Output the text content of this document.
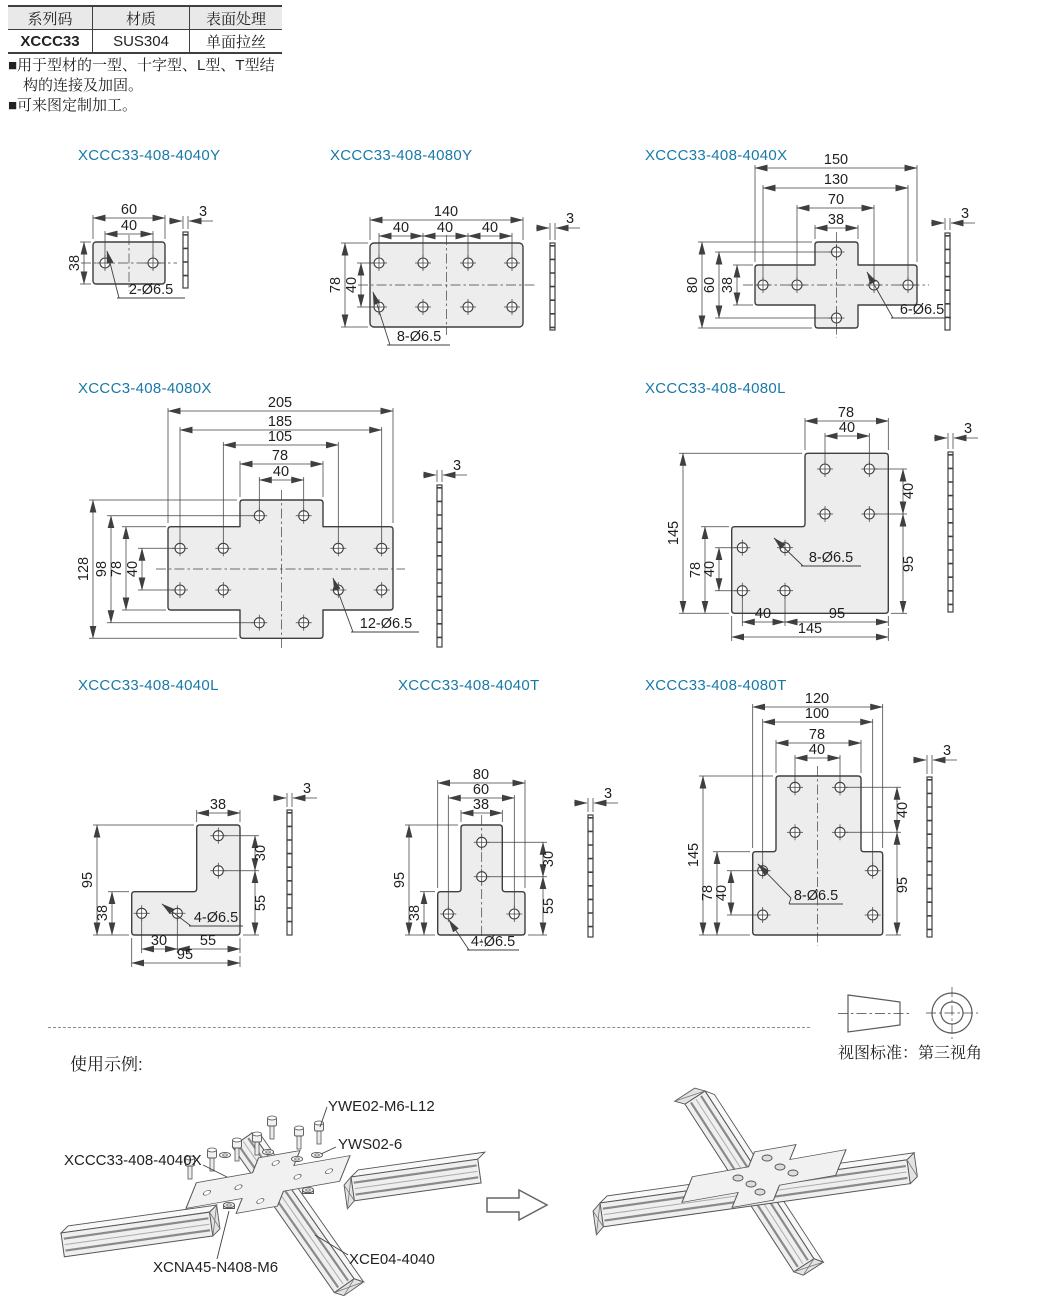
系列码	材质	表面处理
XCCC33	SUS304	单面拉丝
■用于型材的一型、十字型、L型、T型结
构的连接及加固。
■可来图定制加工。
XCCC33-408-4040Y	XCCC33-408-4080Y	XCCC33-408-4040X
60
40
38
2-Ø6.5
3	140
40 40 40
78 40
8-Ø6.5
3
150
130
70
38
80 60 38
6-Ø6.5
3
XCCC3-408-4080X	XCCC33-408-4080L
205
185
105
78
40
128 98 78 40
12-Ø6.5
3
78
40
40
95
145
78
40
40	95
145
8-Ø6.5
3
XCCC33-408-4040L	XCCC33-408-4040T	XCCC33-408-4080T
38
30
55
95
38
30 55
95
4-Ø6.5
3
80
60
38
30
55
95
38
4-Ø6.5
3
120
100
78
40
40
95
145
78
40	8-Ø6.5
3
视图标准：第三视角
使用示例:
YWE02-M6-L12
YWS02-6
XCCC33-408-4040X
XCNA45-N408-M6	XCE04-4040
